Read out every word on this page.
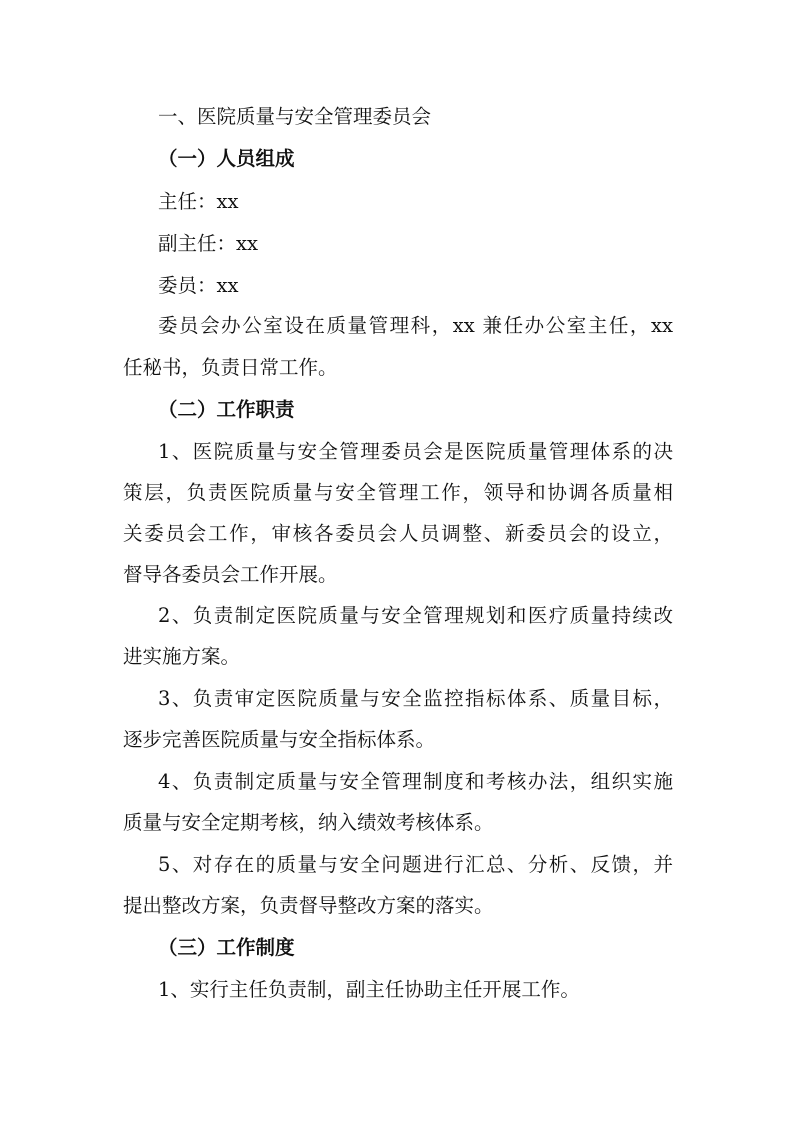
一、医院质量与安全管理委员会
（一）人员组成
主任：xx
副主任：xx
委员：xx
委员会办公室设在质量管理科，xx 兼任办公室主任，xx
任秘书，负责日常工作。
（二）工作职责
1、医院质量与安全管理委员会是医院质量管理体系的决
策层，负责医院质量与安全管理工作，领导和协调各质量相
关委员会工作，审核各委员会人员调整、新委员会的设立，
督导各委员会工作开展。
2、负责制定医院质量与安全管理规划和医疗质量持续改
进实施方案。
3、负责审定医院质量与安全监控指标体系、质量目标，
逐步完善医院质量与安全指标体系。
4、负责制定质量与安全管理制度和考核办法，组织实施
质量与安全定期考核，纳入绩效考核体系。
5、对存在的质量与安全问题进行汇总、分析、反馈，并
提出整改方案，负责督导整改方案的落实。
（三）工作制度
1、实行主任负责制，副主任协助主任开展工作。
